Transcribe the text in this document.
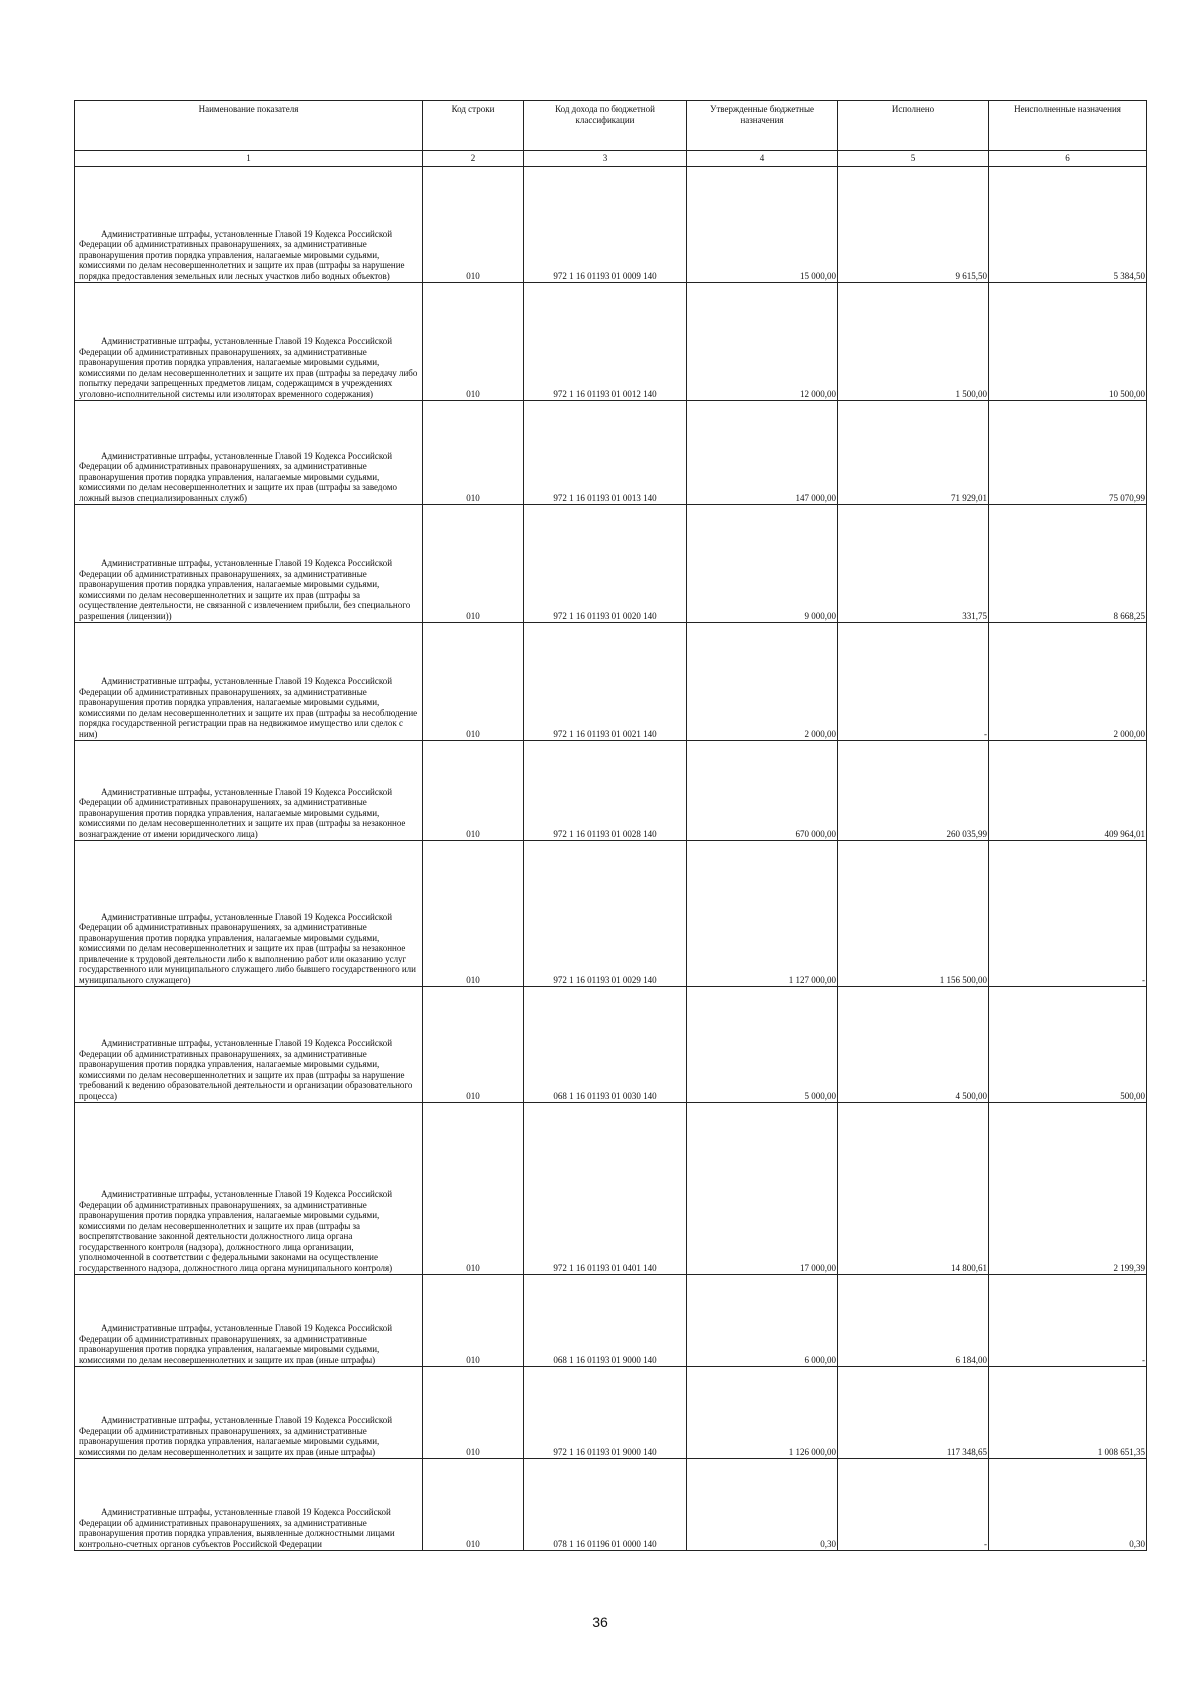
Наименование показателя	Код строки	Код дохода по бюджетной классификации	Утвержденные бюджетные назначения	Исполнено	Неисполненные назначения
1	2	3	4	5	6

Административные штрафы, установленные Главой 19 Кодекса Российской Федерации об административных правонарушениях, за административные правонарушения против порядка управления, налагаемые мировыми судьями, комиссиями по делам несовершеннолетних и защите их прав (штрафы за нарушение порядка предоставления земельных или лесных участков либо водных объектов)	010	972 1 16 01193 01 0009 140	15 000,00	9 615,50	5 384,50

Административные штрафы, установленные Главой 19 Кодекса Российской Федерации об административных правонарушениях, за административные правонарушения против порядка управления, налагаемые мировыми судьями, комиссиями по делам несовершеннолетних и защите их прав (штрафы за передачу либо попытку передачи запрещенных предметов лицам, содержащимся в учреждениях уголовно-исполнительной системы или изоляторах временного содержания)	010	972 1 16 01193 01 0012 140	12 000,00	1 500,00	10 500,00

Административные штрафы, установленные Главой 19 Кодекса Российской Федерации об административных правонарушениях, за административные правонарушения против порядка управления, налагаемые мировыми судьями, комиссиями по делам несовершеннолетних и защите их прав (штрафы за заведомо ложный вызов специализированных служб)	010	972 1 16 01193 01 0013 140	147 000,00	71 929,01	75 070,99

Административные штрафы, установленные Главой 19 Кодекса Российской Федерации об административных правонарушениях, за административные правонарушения против порядка управления, налагаемые мировыми судьями, комиссиями по делам несовершеннолетних и защите их прав (штрафы за осуществление деятельности, не связанной с извлечением прибыли, без специального разрешения (лицензии))	010	972 1 16 01193 01 0020 140	9 000,00	331,75	8 668,25

Административные штрафы, установленные Главой 19 Кодекса Российской Федерации об административных правонарушениях, за административные правонарушения против порядка управления, налагаемые мировыми судьями, комиссиями по делам несовершеннолетних и защите их прав (штрафы за несоблюдение порядка государственной регистрации прав на недвижимое имущество или сделок с ним)	010	972 1 16 01193 01 0021 140	2 000,00	-	2 000,00

Административные штрафы, установленные Главой 19 Кодекса Российской Федерации об административных правонарушениях, за административные правонарушения против порядка управления, налагаемые мировыми судьями, комиссиями по делам несовершеннолетних и защите их прав (штрафы за незаконное вознаграждение от имени юридического лица)	010	972 1 16 01193 01 0028 140	670 000,00	260 035,99	409 964,01

Административные штрафы, установленные Главой 19 Кодекса Российской Федерации об административных правонарушениях, за административные правонарушения против порядка управления, налагаемые мировыми судьями, комиссиями по делам несовершеннолетних и защите их прав (штрафы за незаконное привлечение к трудовой деятельности либо к выполнению работ или оказанию услуг государственного или муниципального служащего либо бывшего государственного или муниципального служащего)	010	972 1 16 01193 01 0029 140	1 127 000,00	1 156 500,00	-

Административные штрафы, установленные Главой 19 Кодекса Российской Федерации об административных правонарушениях, за административные правонарушения против порядка управления, налагаемые мировыми судьями, комиссиями по делам несовершеннолетних и защите их прав (штрафы за нарушение требований к ведению образовательной деятельности и организации образовательного процесса)	010	068 1 16 01193 01 0030 140	5 000,00	4 500,00	500,00

Административные штрафы, установленные Главой 19 Кодекса Российской Федерации об административных правонарушениях, за административные правонарушения против порядка управления, налагаемые мировыми судьями, комиссиями по делам несовершеннолетних и защите их прав (штрафы за воспрепятствование законной деятельности должностного лица органа государственного контроля (надзора), должностного лица организации, уполномоченной в соответствии с федеральными законами на осуществление государственного надзора, должностного лица органа муниципального контроля)	010	972 1 16 01193 01 0401 140	17 000,00	14 800,61	2 199,39

Административные штрафы, установленные Главой 19 Кодекса Российской Федерации об административных правонарушениях, за административные правонарушения против порядка управления, налагаемые мировыми судьями, комиссиями по делам несовершеннолетних и защите их прав (иные штрафы)	010	068 1 16 01193 01 9000 140	6 000,00	6 184,00	-

Административные штрафы, установленные Главой 19 Кодекса Российской Федерации об административных правонарушениях, за административные правонарушения против порядка управления, налагаемые мировыми судьями, комиссиями по делам несовершеннолетних и защите их прав (иные штрафы)	010	972 1 16 01193 01 9000 140	1 126 000,00	117 348,65	1 008 651,35

Административные штрафы, установленные главой 19 Кодекса Российской Федерации об административных правонарушениях, за административные правонарушения против порядка управления, выявленные должностными лицами контрольно-счетных органов субъектов Российской Федерации	010	078 1 16 01196 01 0000 140	0,30	-	0,30
36
